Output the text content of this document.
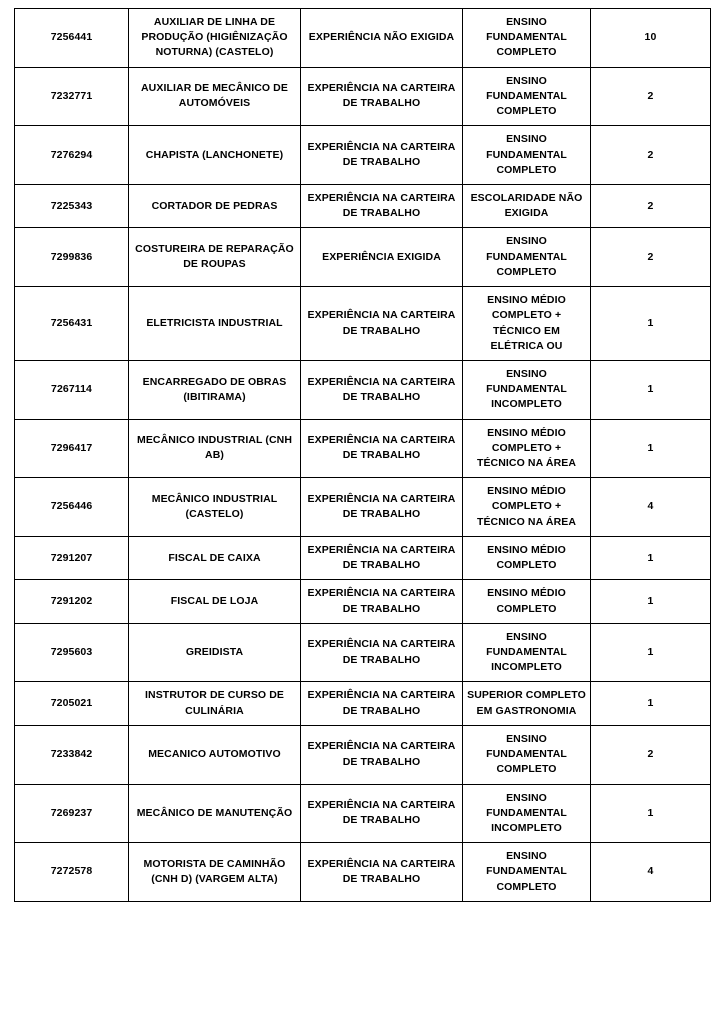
7256441	AUXILIAR DE LINHA DE PRODUÇÃO (HIGIÊNIZAÇÃO NOTURNA) (CASTELO)	EXPERIÊNCIA NÃO EXIGIDA	ENSINO FUNDAMENTAL COMPLETO	10
7232771	AUXILIAR DE MECÂNICO DE AUTOMÓVEIS	EXPERIÊNCIA NA CARTEIRA DE TRABALHO	ENSINO FUNDAMENTAL COMPLETO	2
7276294	CHAPISTA (LANCHONETE)	EXPERIÊNCIA NA CARTEIRA DE TRABALHO	ENSINO FUNDAMENTAL COMPLETO	2
7225343	CORTADOR DE PEDRAS	EXPERIÊNCIA NA CARTEIRA DE TRABALHO	ESCOLARIDADE NÃO EXIGIDA	2
7299836	COSTUREIRA DE REPARAÇÃO DE ROUPAS	EXPERIÊNCIA EXIGIDA	ENSINO FUNDAMENTAL COMPLETO	2
7256431	ELETRICISTA INDUSTRIAL	EXPERIÊNCIA NA CARTEIRA DE TRABALHO	ENSINO MÉDIO COMPLETO + TÉCNICO EM ELÉTRICA OU	1
7267114	ENCARREGADO DE OBRAS (IBITIRAMA)	EXPERIÊNCIA NA CARTEIRA DE TRABALHO	ENSINO FUNDAMENTAL INCOMPLETO	1
7296417	MECÂNICO INDUSTRIAL (CNH AB)	EXPERIÊNCIA NA CARTEIRA DE TRABALHO	ENSINO MÉDIO COMPLETO + TÉCNICO NA ÁREA	1
7256446	MECÂNICO INDUSTRIAL (CASTELO)	EXPERIÊNCIA NA CARTEIRA DE TRABALHO	ENSINO MÉDIO COMPLETO + TÉCNICO NA ÁREA	4
7291207	FISCAL DE CAIXA	EXPERIÊNCIA NA CARTEIRA DE TRABALHO	ENSINO MÉDIO COMPLETO	1
7291202	FISCAL DE LOJA	EXPERIÊNCIA NA CARTEIRA DE TRABALHO	ENSINO MÉDIO COMPLETO	1
7295603	GREIDISTA	EXPERIÊNCIA NA CARTEIRA DE TRABALHO	ENSINO FUNDAMENTAL INCOMPLETO	1
7205021	INSTRUTOR DE CURSO DE CULINÁRIA	EXPERIÊNCIA NA CARTEIRA DE TRABALHO	SUPERIOR COMPLETO EM GASTRONOMIA	1
7233842	MECANICO AUTOMOTIVO	EXPERIÊNCIA NA CARTEIRA DE TRABALHO	ENSINO FUNDAMENTAL COMPLETO	2
7269237	MECÂNICO DE MANUTENÇÃO	EXPERIÊNCIA NA CARTEIRA DE TRABALHO	ENSINO FUNDAMENTAL INCOMPLETO	1
7272578	MOTORISTA DE CAMINHÃO (CNH D) (VARGEM ALTA)	EXPERIÊNCIA NA CARTEIRA DE TRABALHO	ENSINO FUNDAMENTAL COMPLETO	4
